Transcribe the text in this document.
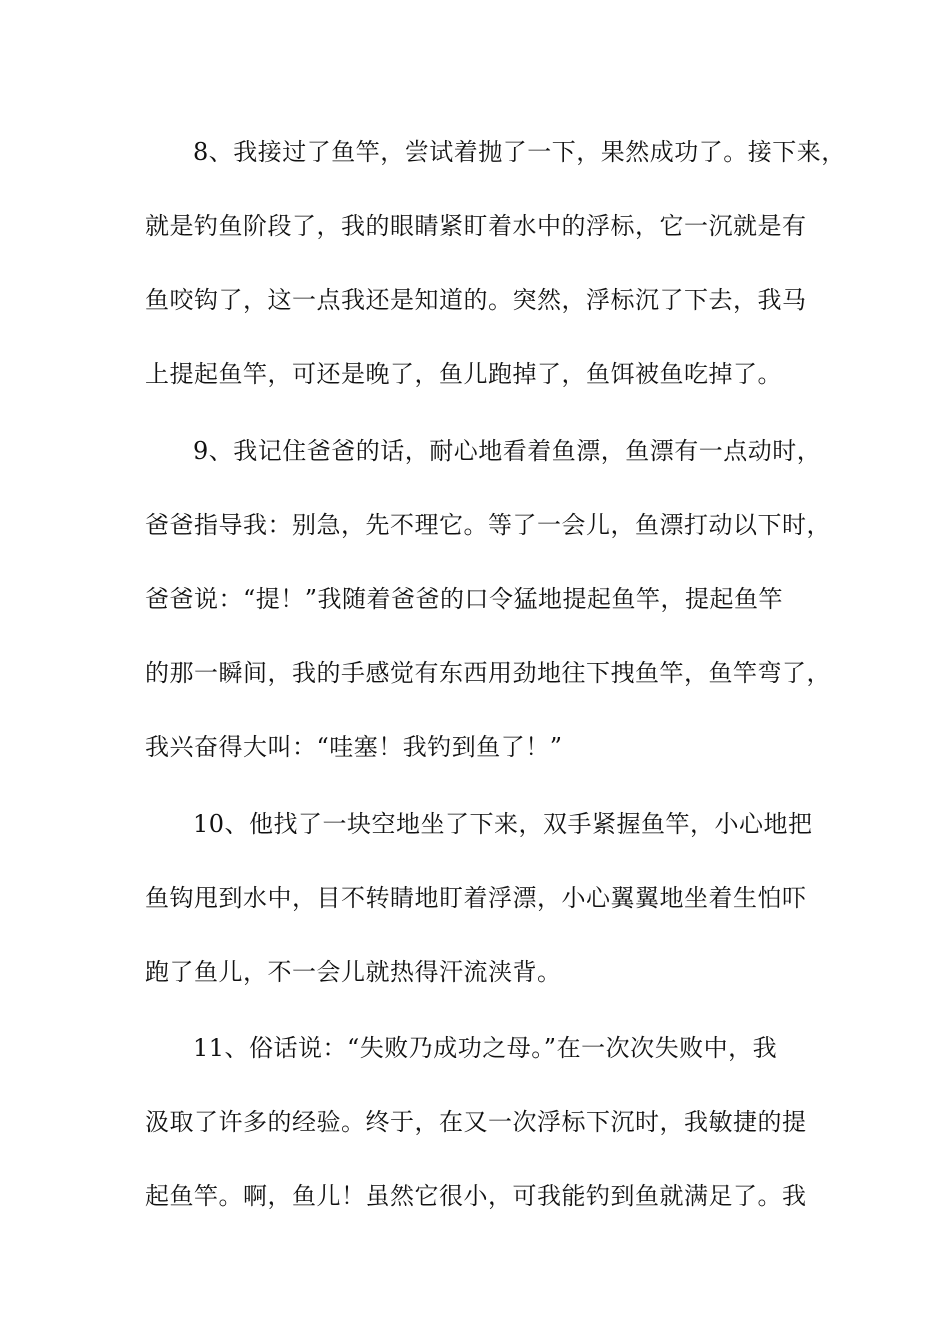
8、我接过了鱼竿，尝试着抛了一下，果然成功了。接下来，
就是钓鱼阶段了，我的眼睛紧盯着水中的浮标，它一沉就是有
鱼咬钩了，这一点我还是知道的。突然，浮标沉了下去，我马
上提起鱼竿，可还是晚了，鱼儿跑掉了，鱼饵被鱼吃掉了。
9、我记住爸爸的话，耐心地看着鱼漂，鱼漂有一点动时，
爸爸指导我：别急，先不理它。等了一会儿，鱼漂打动以下时，
爸爸说：“提！”我随着爸爸的口令猛地提起鱼竿，提起鱼竿
的那一瞬间，我的手感觉有东西用劲地往下拽鱼竿，鱼竿弯了，
我兴奋得大叫：“哇塞！我钓到鱼了！”
10、他找了一块空地坐了下来，双手紧握鱼竿，小心地把
鱼钩甩到水中，目不转睛地盯着浮漂，小心翼翼地坐着生怕吓
跑了鱼儿，不一会儿就热得汗流浃背。
11、俗话说：“失败乃成功之母。”在一次次失败中，我
汲取了许多的经验。终于，在又一次浮标下沉时，我敏捷的提
起鱼竿。啊，鱼儿！虽然它很小，可我能钓到鱼就满足了。我
